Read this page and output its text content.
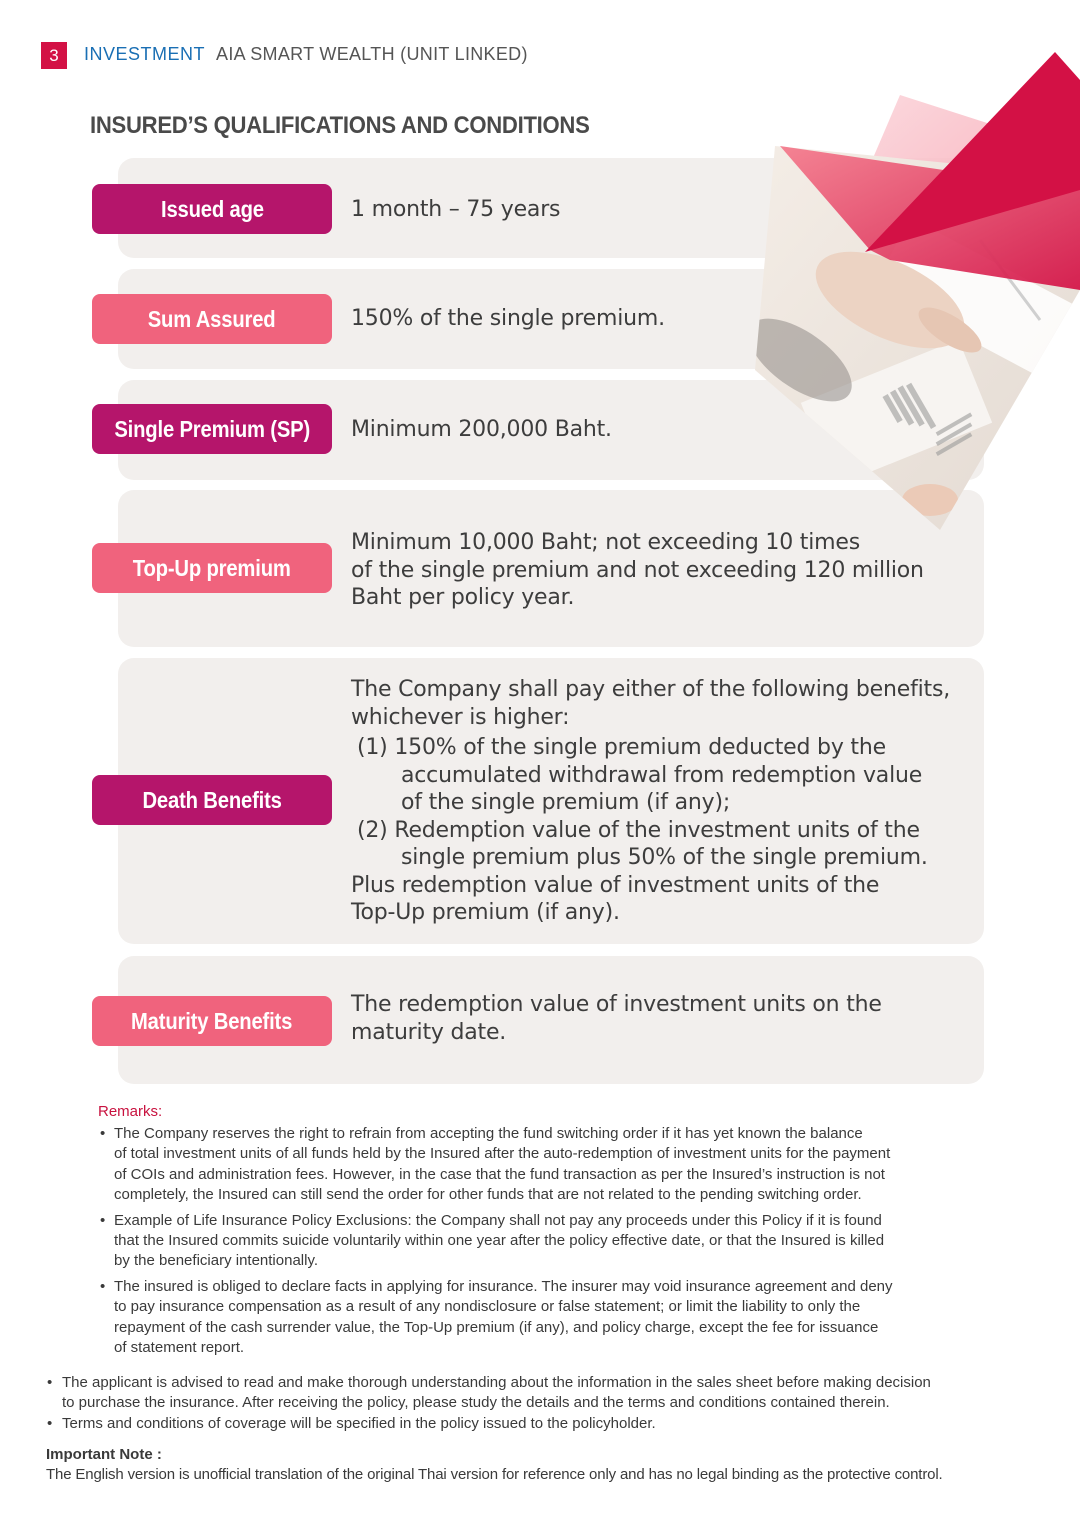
3	INVESTMENT AIA SMART WEALTH (UNIT LINKED)
INSURED’S QUALIFICATIONS AND CONDITIONS
Issued age
Sum Assured
Single Premium (SP)
Top-Up premium
Death Benefits
Maturity Benefits
1 month – 75 years
150% of the single premium.
Minimum 200,000 Baht.
Minimum 10,000 Baht; not exceeding 10 times
of the single premium and not exceeding 120 million
Baht per policy year.
The Company shall pay either of the following benefits,
whichever is higher:
(1) 150% of the single premium deducted by the
accumulated withdrawal from redemption value
of the single premium (if any);
(2) Redemption value of the investment units of the
single premium plus 50% of the single premium.
Plus redemption value of investment units of the
Top-Up premium (if any).
The redemption value of investment units on the
maturity date.
Remarks:
• The Company reserves the right to refrain from accepting the fund switching order if it has yet known the balance
of total investment units of all funds held by the Insured after the auto-redemption of investment units for the payment
of COIs and administration fees. However, in the case that the fund transaction as per the Insured’s instruction is not
completely, the Insured can still send the order for other funds that are not related to the pending switching order.
• Example of Life Insurance Policy Exclusions: the Company shall not pay any proceeds under this Policy if it is found
that the Insured commits suicide voluntarily within one year after the policy effective date, or that the Insured is killed
by the beneficiary intentionally.
• The insured is obliged to declare facts in applying for insurance. The insurer may void insurance agreement and deny
to pay insurance compensation as a result of any nondisclosure or false statement; or limit the liability to only the
repayment of the cash surrender value, the Top-Up premium (if any), and policy charge, except the fee for issuance
of statement report.
• The applicant is advised to read and make thorough understanding about the information in the sales sheet before making decision
to purchase the insurance. After receiving the policy, please study the details and the terms and conditions contained therein.
• Terms and conditions of coverage will be specified in the policy issued to the policyholder.
Important Note :
The English version is unofficial translation of the original Thai version for reference only and has no legal binding as the protective control.
